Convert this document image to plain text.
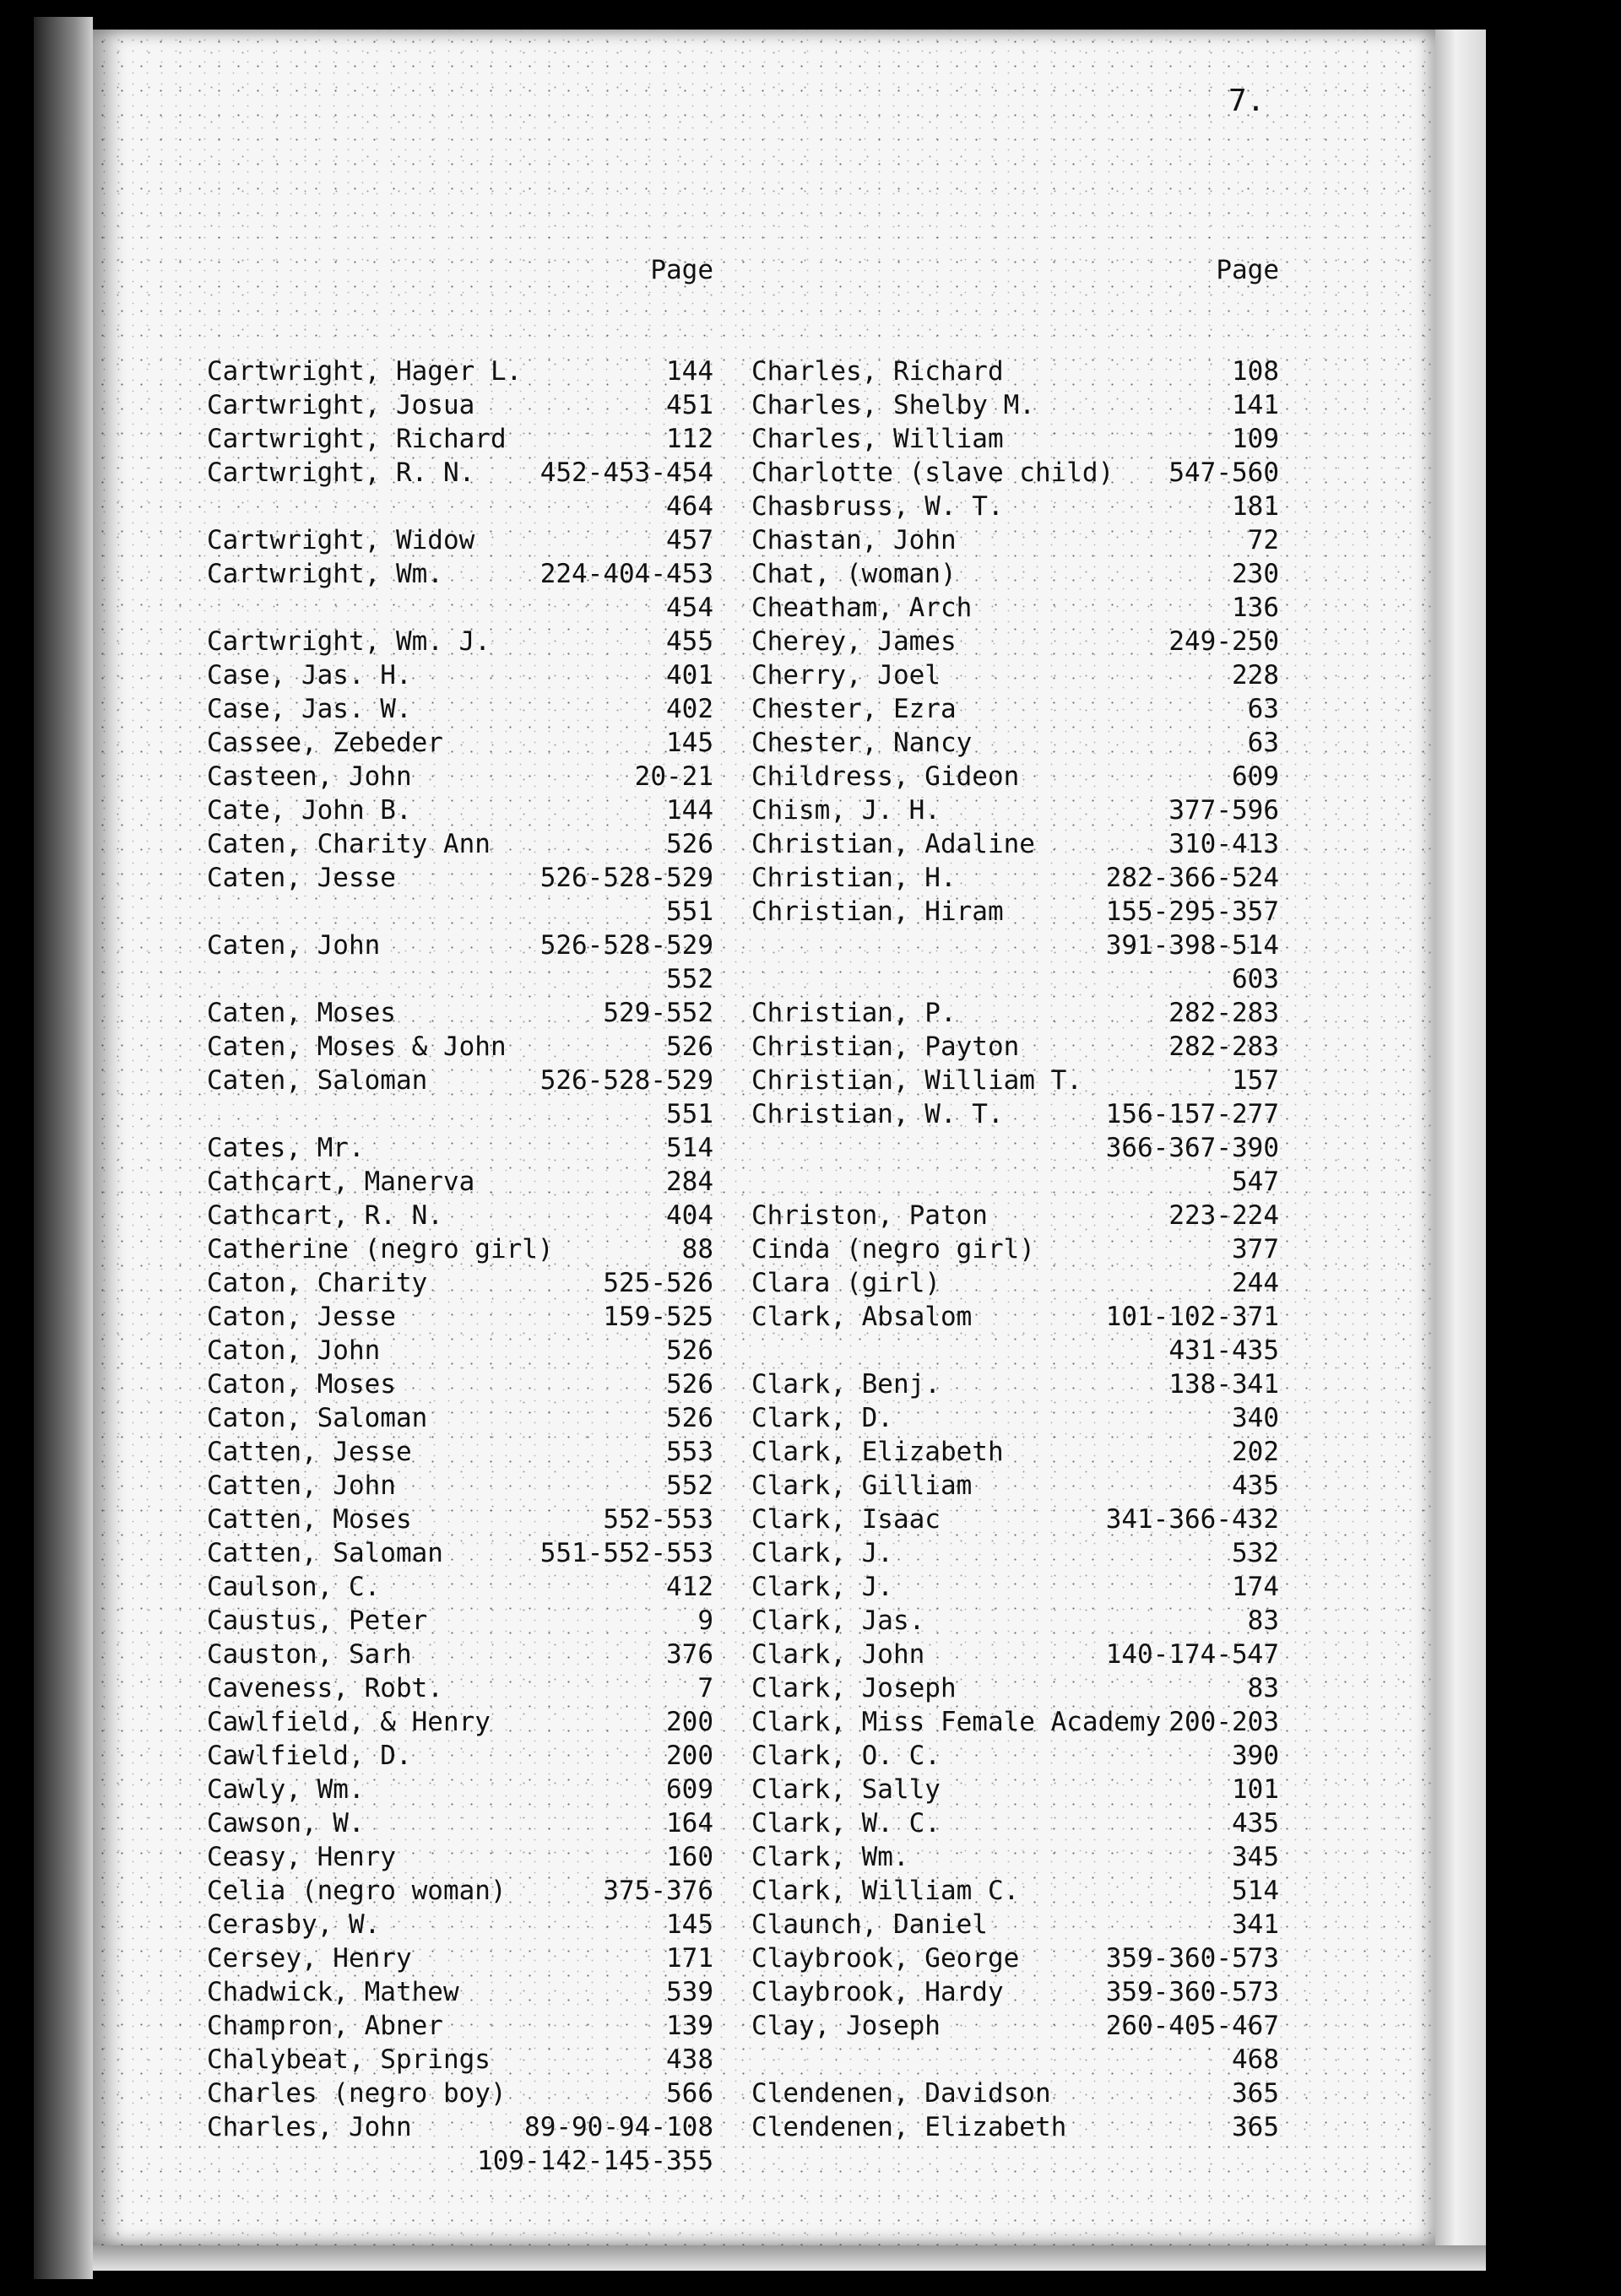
7.

Page

Cartwright, Hager L.	144
Cartwright, Josua	451
Cartwright, Richard	112
Cartwright, R. N. 452-453-454
464
Cartwright, Widow	457
Cartwright, Wm.	224-404-453
454
Cartwright, Wm. J.	455
Case, Jas. H.	401
Case, Jas. W.	402
Cassee, Zebeder	145
Casteen, John	20-21
Cate, John B.	144
Caten, Charity Ann	526
Caten, Jesse	526-528-529
551
Caten, John	526-528-529
552
Caten, Moses	529-552
Caten, Moses & John	526
Caten, Saloman	526-528-529
551
Cates, Mr.	514
Cathcart, Manerva	284
Cathcart, R. N.	404
Catherine (negro girl)	88
Caton, Charity	525-526
Caton, Jesse	159-525
Caton, John	526
Caton, Moses	526
Caton, Saloman	526
Catten, Jesse	553
Catten, John	552
Catten, Moses	552-553
Catten, Saloman	551-552-553
Caulson, C.	412
Caustus, Peter	9
Causton, Sarh	376
Caveness, Robt.	7
Cawlfield, & Henry	200
Cawlfield, D.	200
Cawly, Wm.	609
Cawson, W.	164
Ceasy, Henry	160
Celia (negro woman)	375-376
Cerasby, W.	145
Cersey, Henry	171
Chadwick, Mathew	539
Champron, Abner	139
Chalybeat, Springs	438
Charles (negro boy)	566
Charles, John	89-90-94-108
109-142-145-355

Page

Charles, Richard	108
Charles, Shelby M.	141
Charles, William	109
Charlotte (slave child) 547-560
Chasbruss, W. T.	181
Chastan, John	72
Chat, (woman)	230
Cheatham, Arch	136
Cherey, James	249-250
Cherry, Joel	228
Chester, Ezra	63
Chester, Nancy	63
Childress, Gideon	609
Chism, J. H.	377-596
Christian, Adaline	310-413
Christian, H.	282-366-524
Christian, Hiram	155-295-357
391-398-514
603
Christian, P.	282-283
Christian, Payton	282-283
Christian, William T.	157
Christian, W. T.	156-157-277
366-367-390
547
Christon, Paton	223-224
Cinda (negro girl)	377
Clara (girl)	244
Clark, Absalom	101-102-371
431-435
Clark, Benj.	138-341
Clark, D.	340
Clark, Elizabeth	202
Clark, Gilliam	435
Clark, Isaac	341-366-432
Clark, J.	532
Clark, J.	174
Clark, Jas.	83
Clark, John	140-174-547
Clark, Joseph	83
Clark, Miss Female Academy 200-203
Clark, O. C.	390
Clark, Sally	101
Clark, W. C.	435
Clark, Wm.	345
Clark, William C.	514
Claunch, Daniel	341
Claybrook, George	359-360-573
Claybrook, Hardy	359-360-573
Clay, Joseph	260-405-467
468
Clendenen, Davidson	365
Clendenen, Elizabeth	365
